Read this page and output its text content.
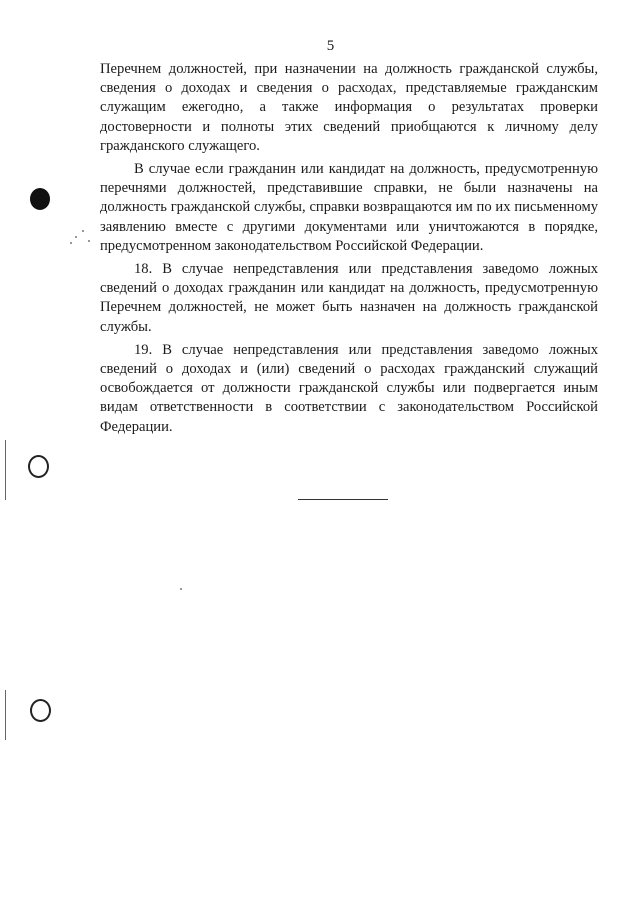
5

Перечнем должностей, при назначении на должность гражданской службы, сведения о доходах и сведения о расходах, представляемые гражданским служащим ежегодно, а также информация о результатах проверки достоверности и полноты этих сведений приобщаются к личному делу гражданского служащего.

В случае если гражданин или кандидат на должность, предусмотренную перечнями должностей, представившие справки, не были назначены на должность гражданской службы, справки возвращаются им по их письменному заявлению вместе с другими документами или уничтожаются в порядке, предусмотренном законодательством Российской Федерации.

18. В случае непредставления или представления заведомо ложных сведений о доходах гражданин или кандидат на должность, предусмотренную Перечнем должностей, не может быть назначен на должность гражданской службы.

19. В случае непредставления или представления заведомо ложных сведений о доходах и (или) сведений о расходах гражданский служащий освобождается от должности гражданской службы или подвергается иным видам ответственности в соответствии с законодательством Российской Федерации.
